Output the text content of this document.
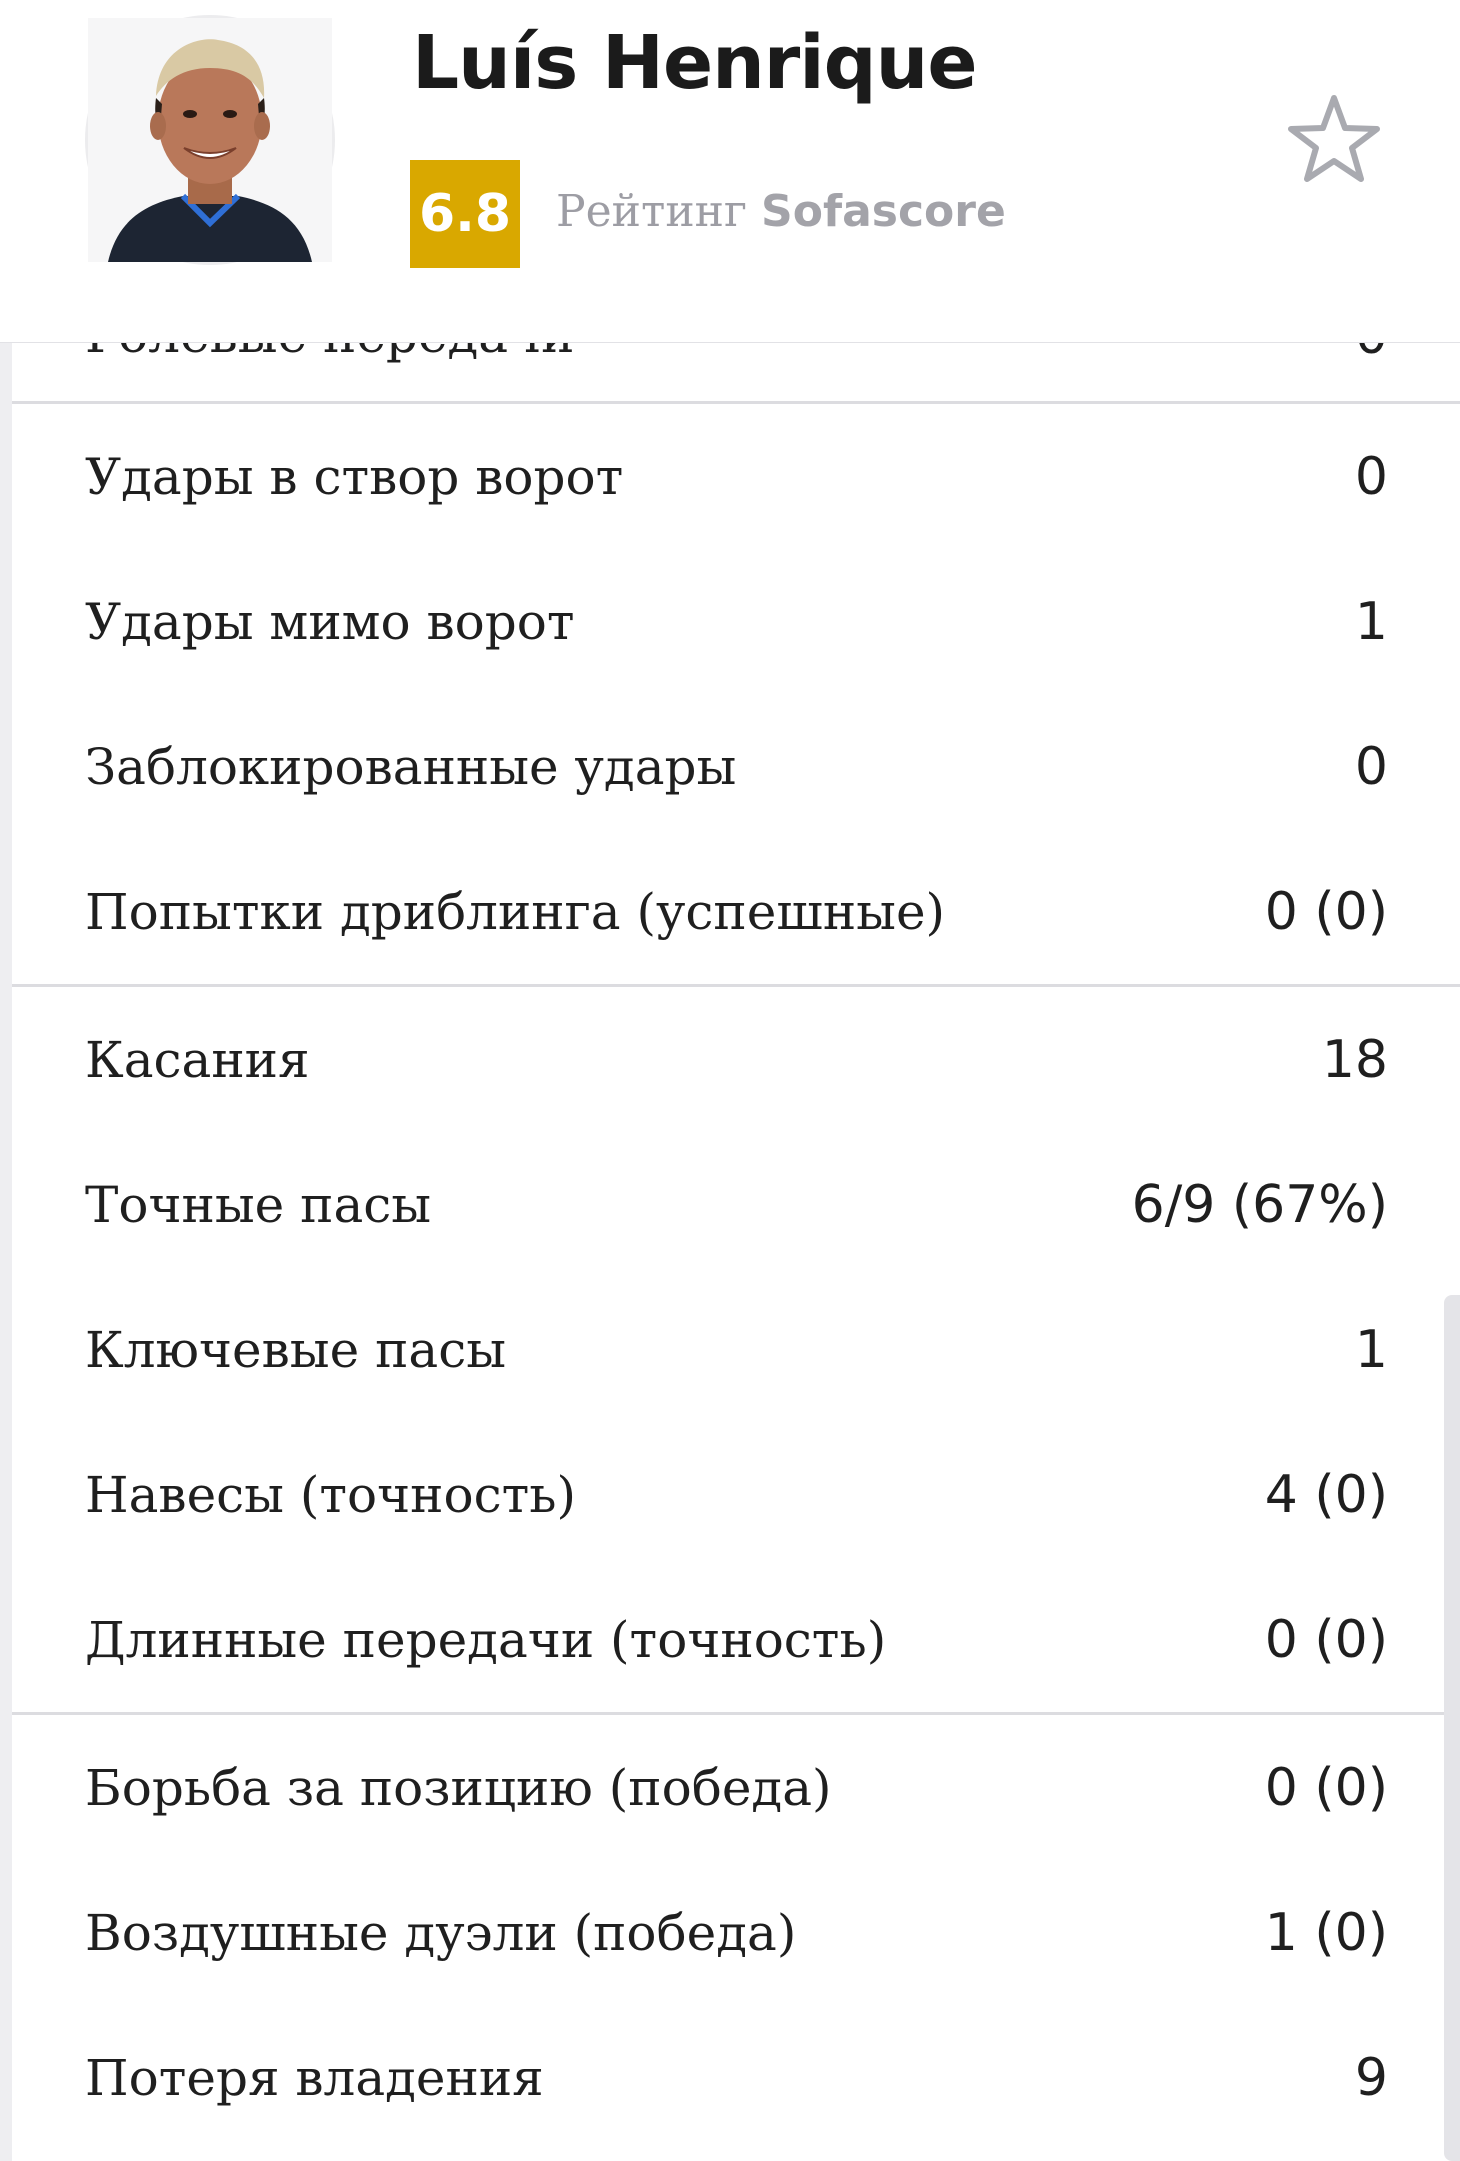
Luís Henrique
6.8 Рейтинг Sofascore
Удары в створ ворот	0
Удары мимо ворот	1
Заблокированные удары	0
Попытки дриблинга (успешные)	0 (0)
Касания	18
Точные пасы	6/9 (67%)
Ключевые пасы	1
Навесы (точность)	4 (0)
Длинные передачи (точность)	0 (0)
Борьба за позицию (победа)	0 (0)
Воздушные дуэли (победа)	1 (0)
Потеря владения	9
